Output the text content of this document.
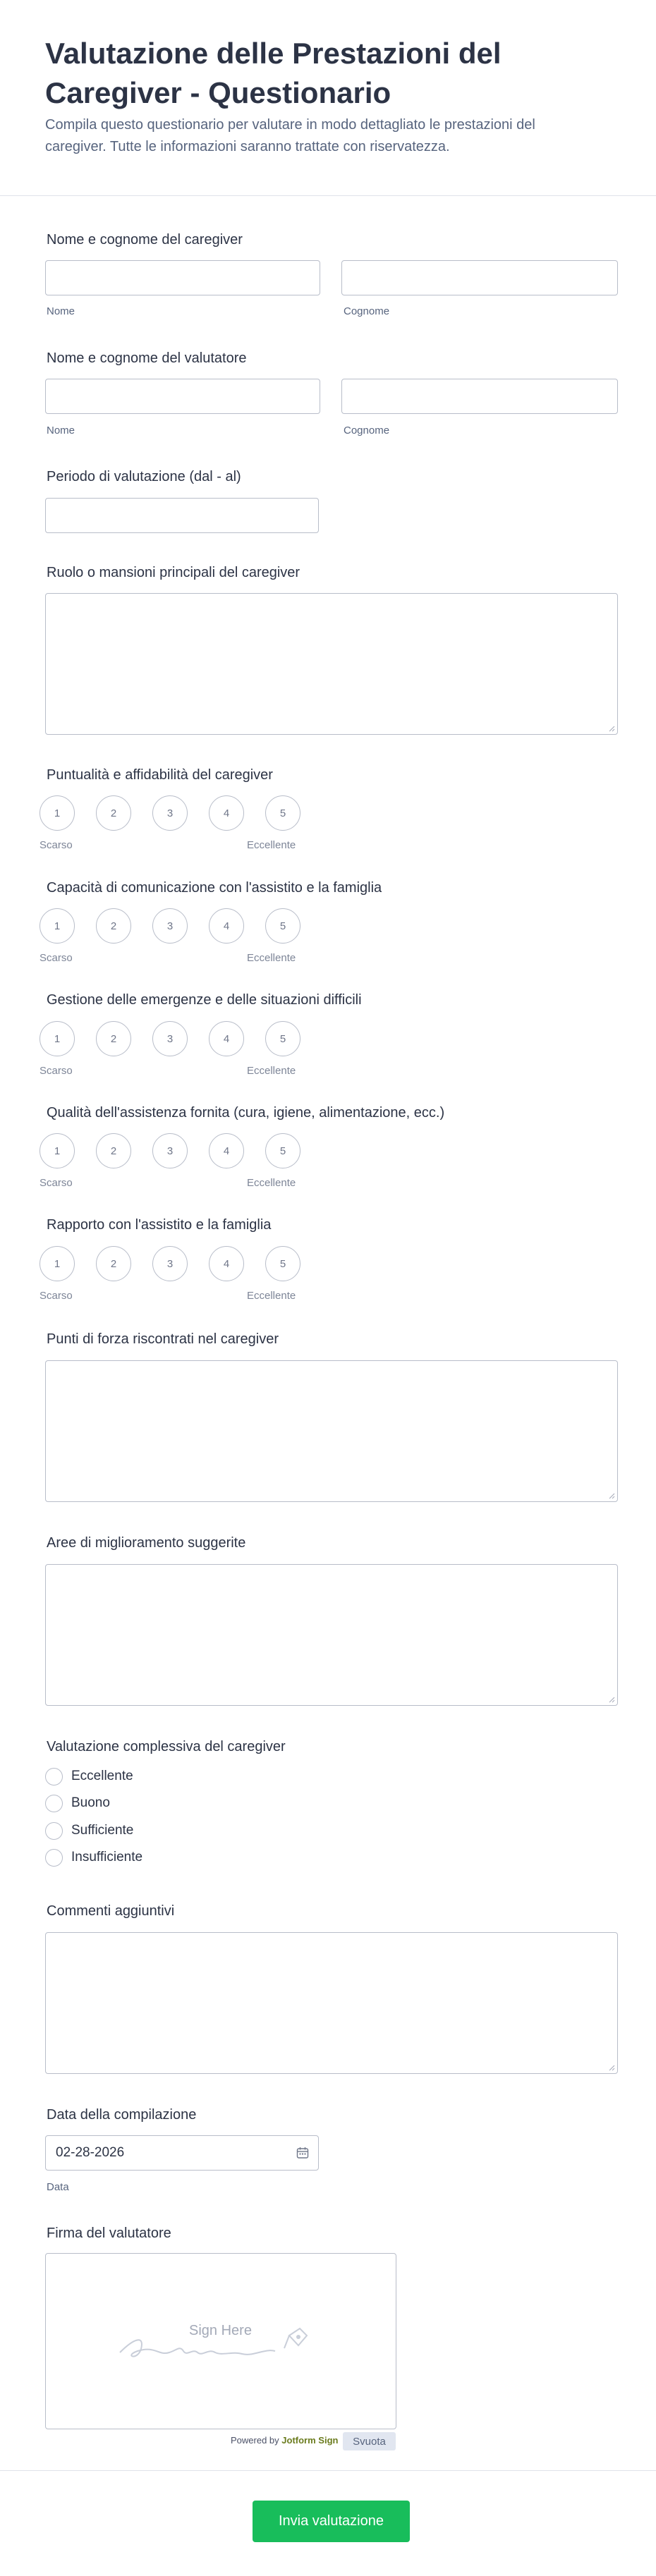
Valutazione delle Prestazioni del Caregiver - Questionario

Compila questo questionario per valutare in modo dettagliato le prestazioni del caregiver. Tutte le informazioni saranno trattate con riservatezza.

Nome e cognome del caregiver
Nome	Cognome
Nome e cognome del valutatore
Nome	Cognome
Periodo di valutazione (dal - al)
Ruolo o mansioni principali del caregiver
Puntualità e affidabilità del caregiver
1	2	3	4	5
Scarso	Eccellente
Capacità di comunicazione con l'assistito e la famiglia
1	2	3	4	5
Scarso	Eccellente
Gestione delle emergenze e delle situazioni difficili
1	2	3	4	5
Scarso	Eccellente
Qualità dell'assistenza fornita (cura, igiene, alimentazione, ecc.)
1	2	3	4	5
Scarso	Eccellente
Rapporto con l'assistito e la famiglia
1	2	3	4	5
Scarso	Eccellente
Punti di forza riscontrati nel caregiver
Aree di miglioramento suggerite
Valutazione complessiva del caregiver
Eccellente
Buono
Sufficiente
Insufficiente
Commenti aggiuntivi
Data della compilazione
02-28-2026
Data
Firma del valutatore
Sign Here
Powered by Jotform Sign	Svuota
Invia valutazione
